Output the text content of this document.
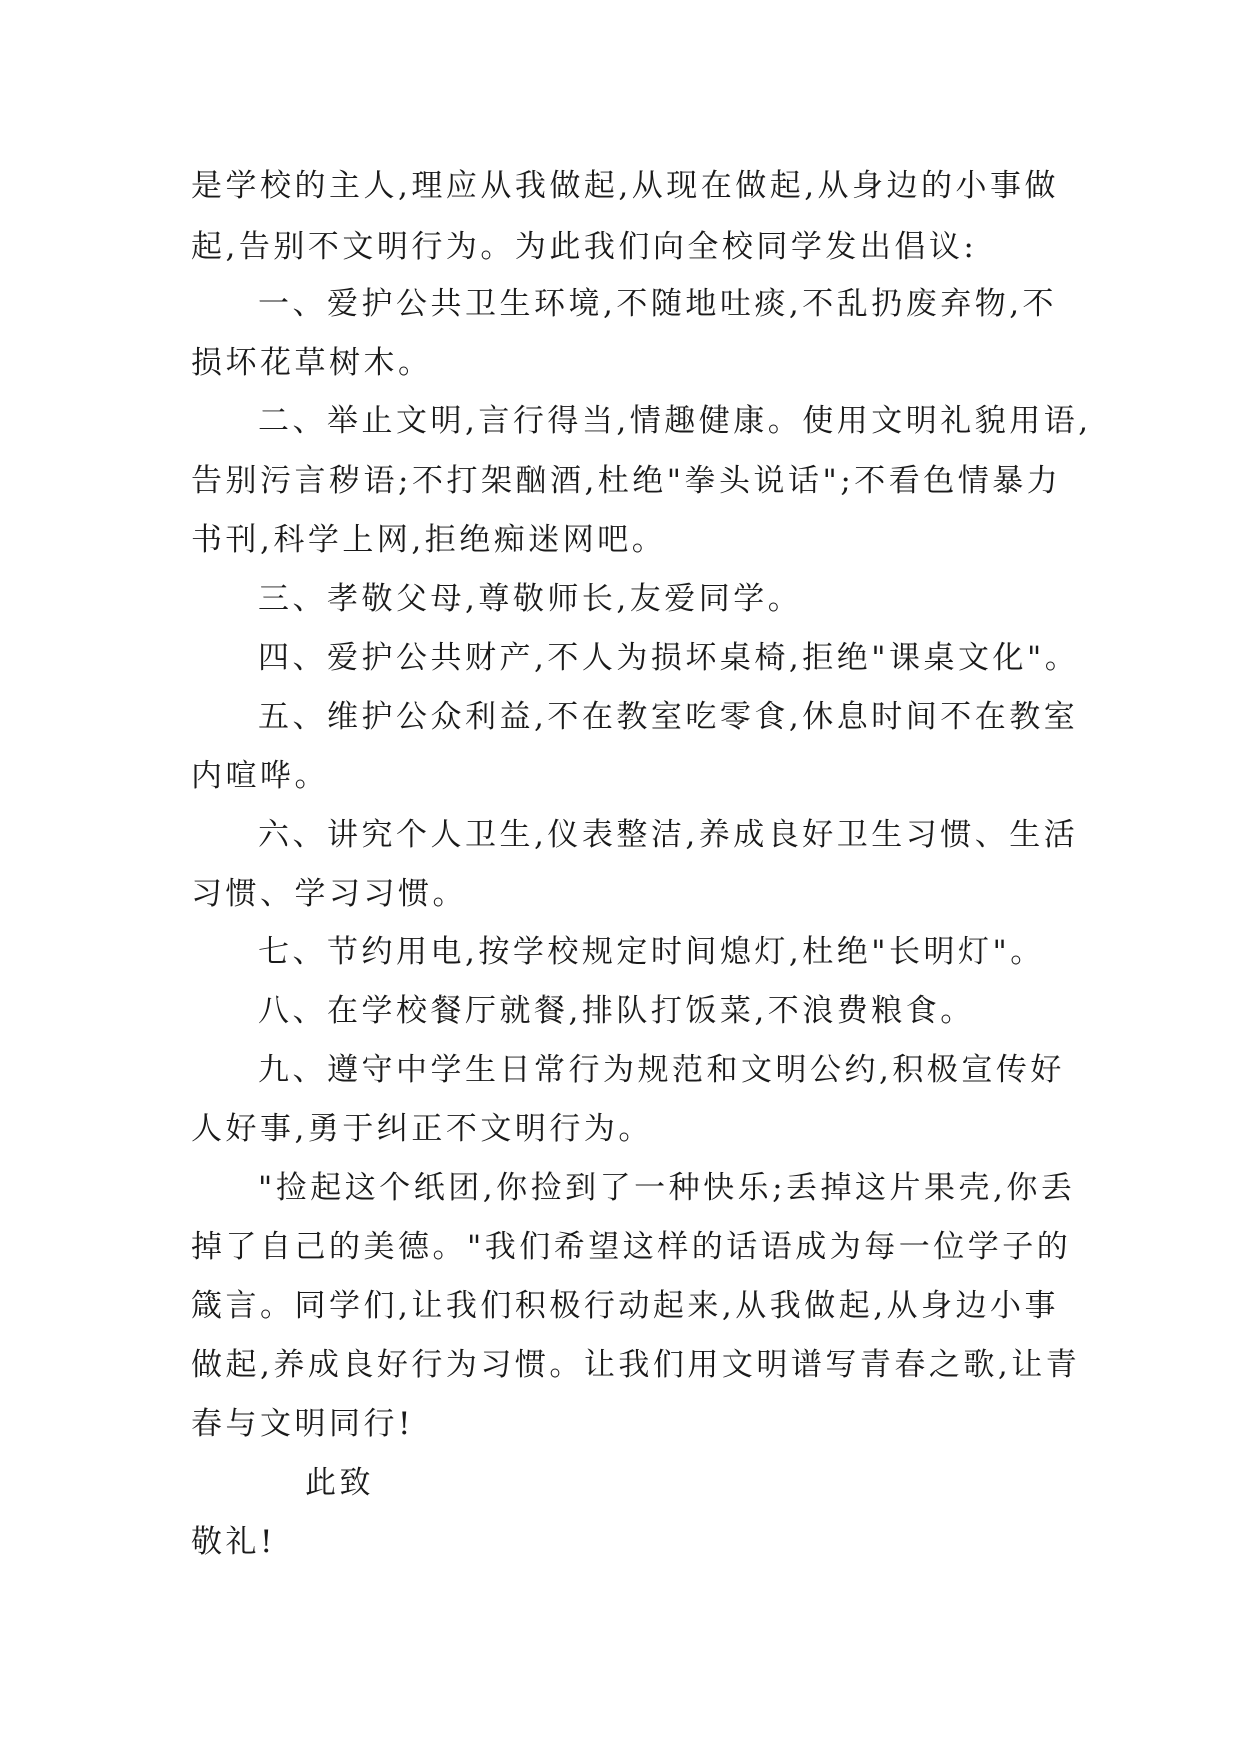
是学校的主人,理应从我做起,从现在做起,从身边的小事做
起,告别不文明行为。为此我们向全校同学发出倡议:
一、爱护公共卫生环境,不随地吐痰,不乱扔废弃物,不
损坏花草树木。
二、举止文明,言行得当,情趣健康。使用文明礼貌用语,
告别污言秽语;不打架酗酒,杜绝"拳头说话";不看色情暴力
书刊,科学上网,拒绝痴迷网吧。
三、孝敬父母,尊敬师长,友爱同学。
四、爱护公共财产,不人为损坏桌椅,拒绝"课桌文化"。
五、维护公众利益,不在教室吃零食,休息时间不在教室
内喧哗。
六、讲究个人卫生,仪表整洁,养成良好卫生习惯、生活
习惯、学习习惯。
七、节约用电,按学校规定时间熄灯,杜绝"长明灯"。
八、在学校餐厅就餐,排队打饭菜,不浪费粮食。
九、遵守中学生日常行为规范和文明公约,积极宣传好
人好事,勇于纠正不文明行为。
"捡起这个纸团,你捡到了一种快乐;丢掉这片果壳,你丢
掉了自己的美德。"我们希望这样的话语成为每一位学子的
箴言。同学们,让我们积极行动起来,从我做起,从身边小事
做起,养成良好行为习惯。让我们用文明谱写青春之歌,让青
春与文明同行!
此致
敬礼!
